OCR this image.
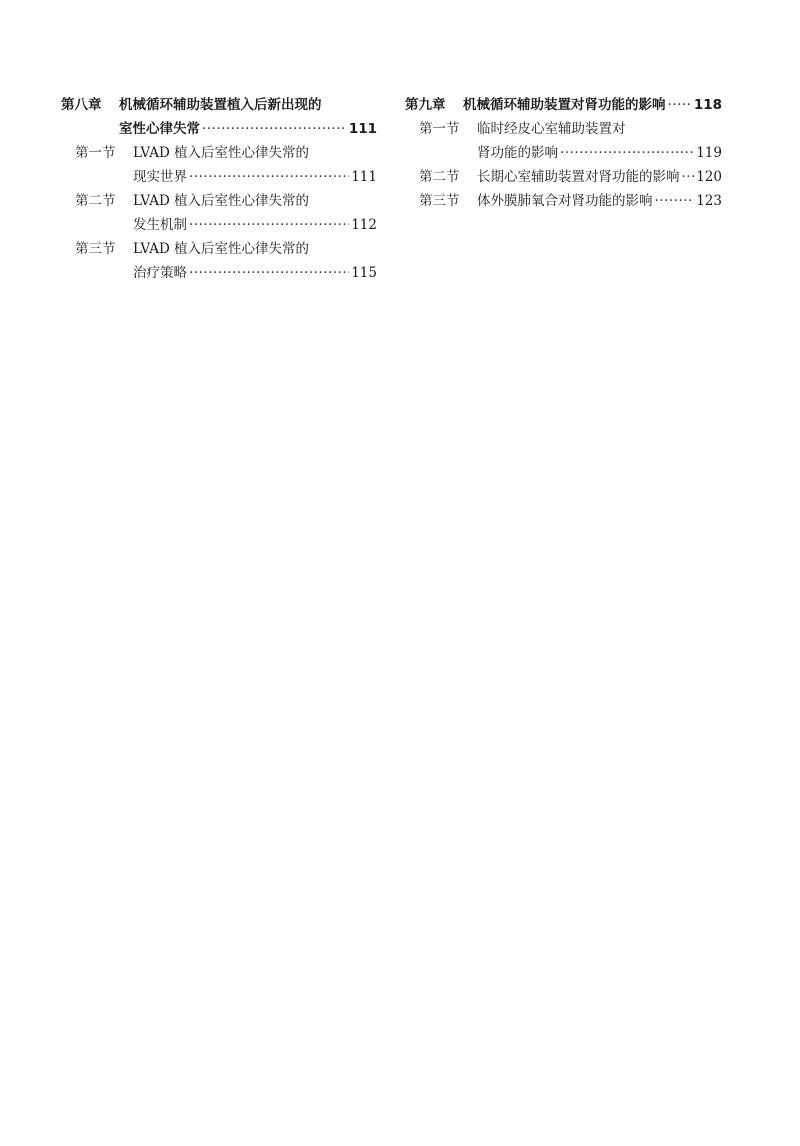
第八章 机械循环辅助装置植入后新出现的
室性心律失常 ·····	111
第一节 LVAD 植入后室性心律失常的
现实世界 ·····	111
第二节 LVAD 植入后室性心律失常的
发生机制 ·····	112
第三节 LVAD 植入后室性心律失常的
治疗策略 ·····	115
第九章 机械循环辅助装置对肾功能的影响 ····· 118
第一节 临时经皮心室辅助装置对
肾功能的影响 ·····	119
第二节 长期心室辅助装置对肾功能的影响 ····· 120
第三节 体外膜肺氧合对肾功能的影响 ·····	123
